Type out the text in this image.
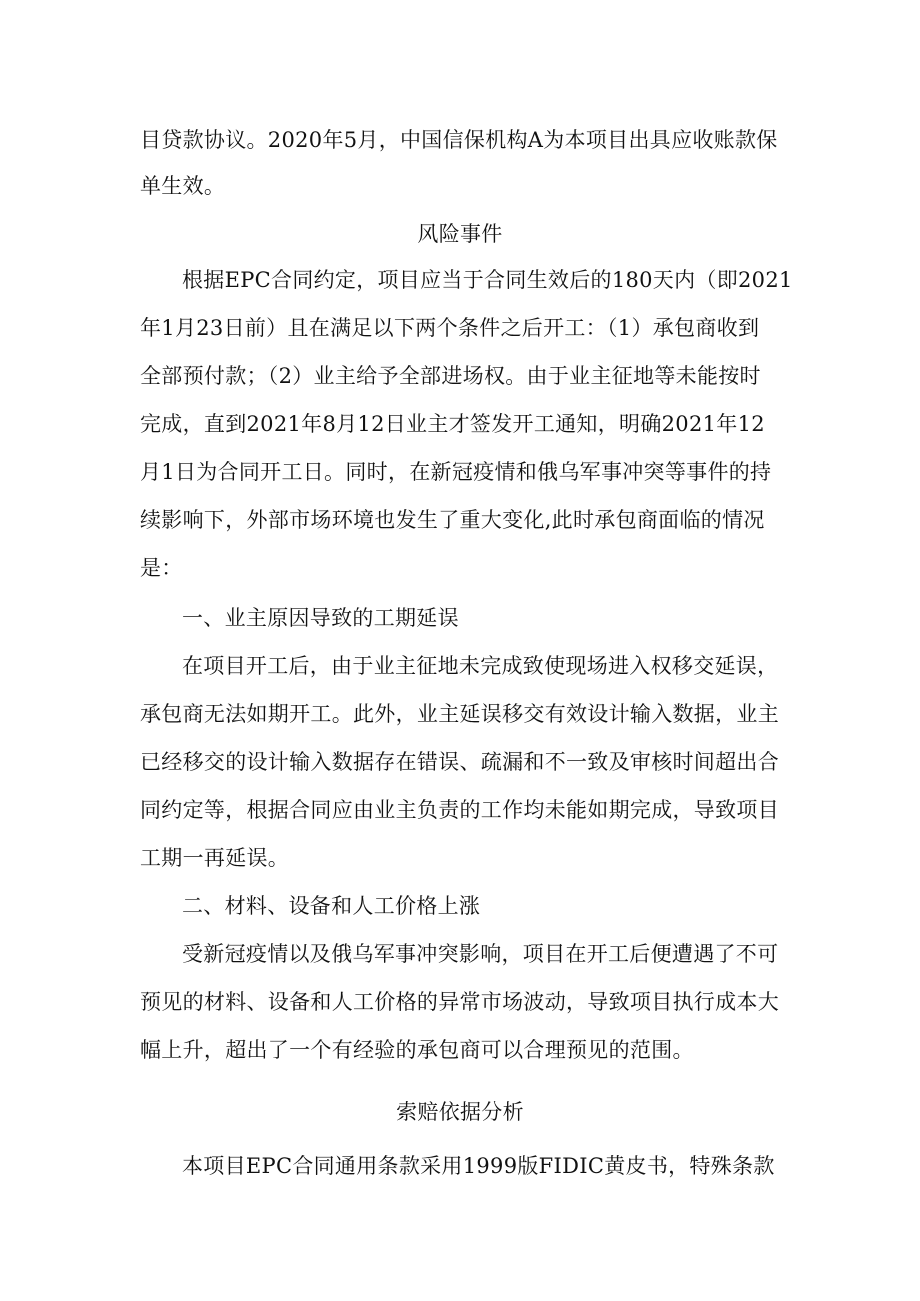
目贷款协议。2020年5月，中国信保机构A为本项目出具应收账款保
单生效。
风险事件
根据EPC合同约定，项目应当于合同生效后的180天内（即2021
年1月23日前）且在满足以下两个条件之后开工：（1）承包商收到
全部预付款；（2）业主给予全部进场权。由于业主征地等未能按时
完成，直到2021年8月12日业主才签发开工通知，明确2021年12
月1日为合同开工日。同时，在新冠疫情和俄乌军事冲突等事件的持
续影响下，外部市场环境也发生了重大变化,此时承包商面临的情况
是：
一、业主原因导致的工期延误
在项目开工后，由于业主征地未完成致使现场进入权移交延误，
承包商无法如期开工。此外，业主延误移交有效设计输入数据，业主
已经移交的设计输入数据存在错误、疏漏和不一致及审核时间超出合
同约定等，根据合同应由业主负责的工作均未能如期完成，导致项目
工期一再延误。
二、材料、设备和人工价格上涨
受新冠疫情以及俄乌军事冲突影响，项目在开工后便遭遇了不可
预见的材料、设备和人工价格的异常市场波动，导致项目执行成本大
幅上升，超出了一个有经验的承包商可以合理预见的范围。
索赔依据分析
本项目EPC合同通用条款采用1999版FIDIC黄皮书，特殊条款
